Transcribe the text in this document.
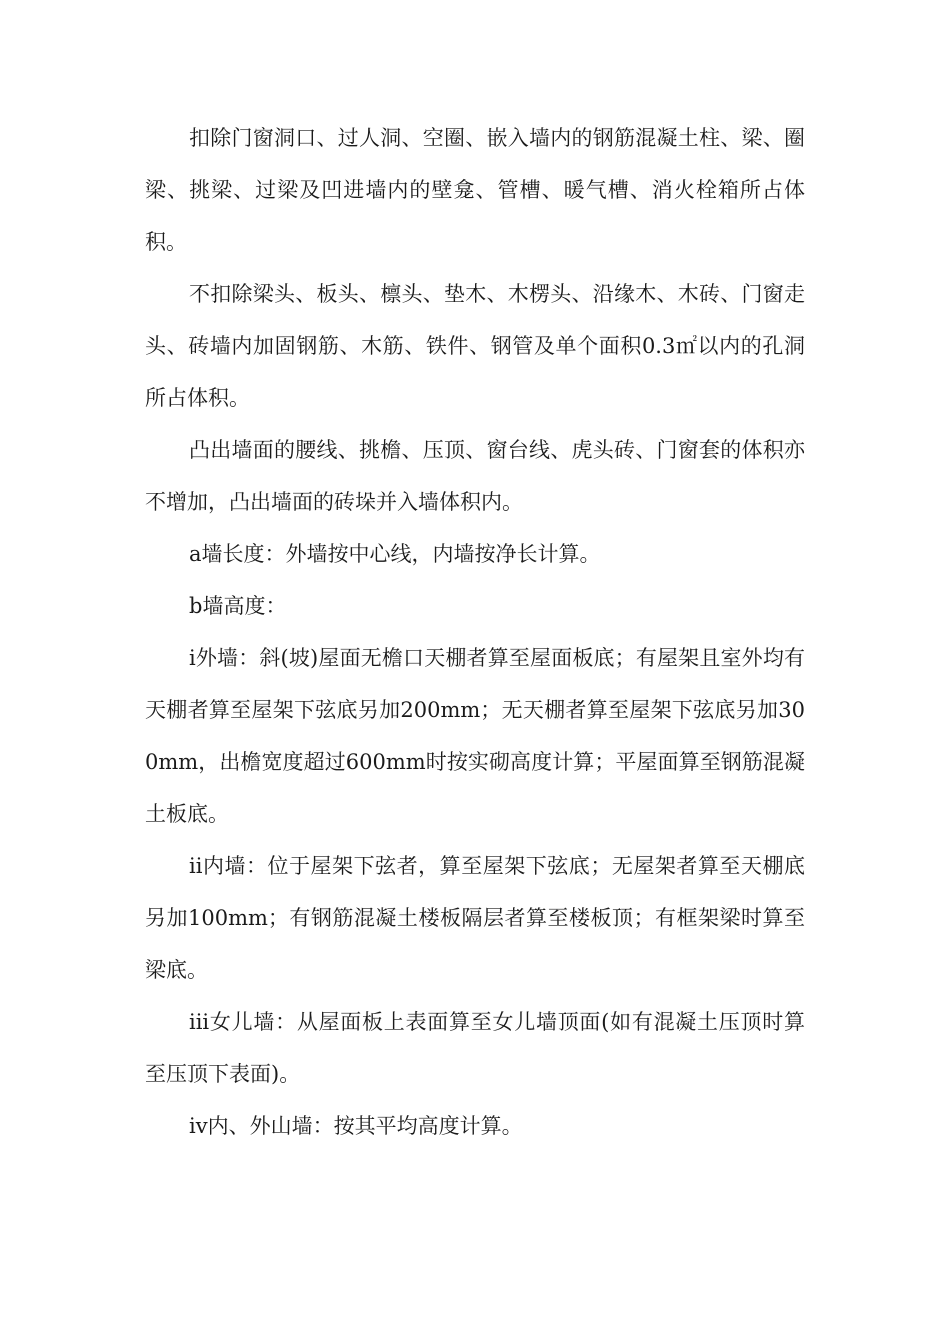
扣除门窗洞口、过人洞、空圈、嵌入墙内的钢筋混凝土柱、梁、圈梁、挑梁、过梁及凹进墙内的壁龛、管槽、暖气槽、消火栓箱所占体积。

不扣除梁头、板头、檩头、垫木、木楞头、沿缘木、木砖、门窗走头、砖墙内加固钢筋、木筋、铁件、钢管及单个面积0.3㎡以内的孔洞所占体积。

凸出墙面的腰线、挑檐、压顶、窗台线、虎头砖、门窗套的体积亦不增加，凸出墙面的砖垛并入墙体积内。

a墙长度：外墙按中心线，内墙按净长计算。

b墙高度：

i外墙：斜(坡)屋面无檐口天棚者算至屋面板底；有屋架且室外均有天棚者算至屋架下弦底另加200mm；无天棚者算至屋架下弦底另加300mm，出檐宽度超过600mm时按实砌高度计算；平屋面算至钢筋混凝土板底。

ii内墙：位于屋架下弦者，算至屋架下弦底；无屋架者算至天棚底另加100mm；有钢筋混凝土楼板隔层者算至楼板顶；有框架梁时算至梁底。

iii女儿墙：从屋面板上表面算至女儿墙顶面(如有混凝土压顶时算至压顶下表面)。

iv内、外山墙：按其平均高度计算。
